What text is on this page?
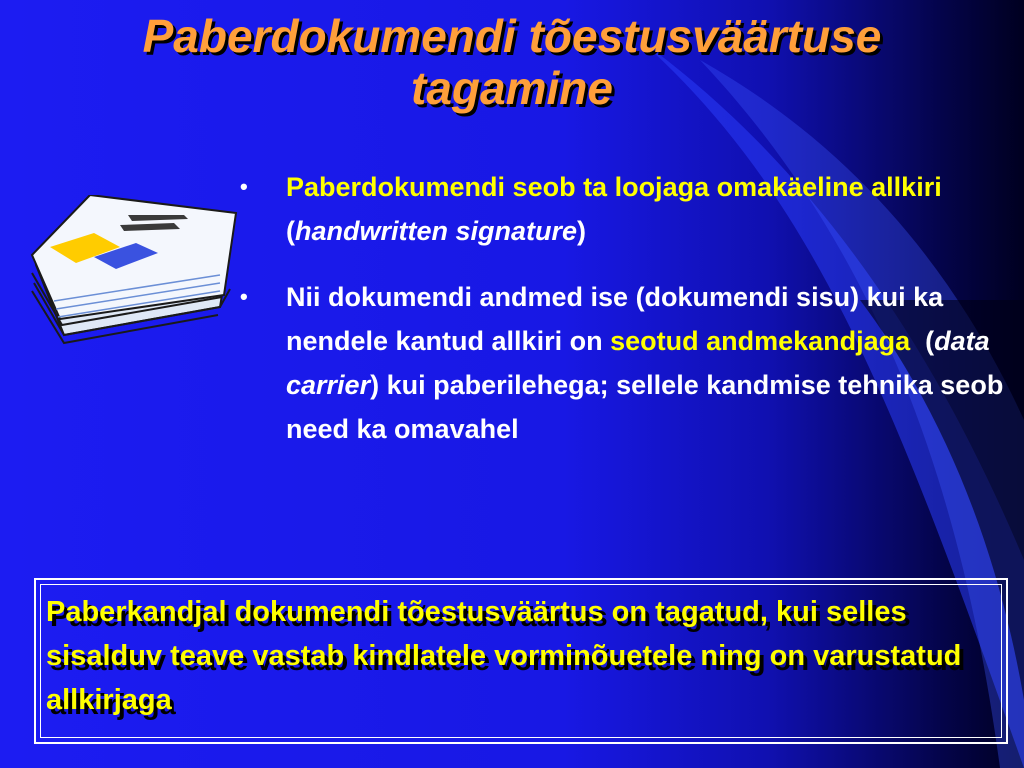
Paberdokumendi tõestusväärtuse
tagamine
• Paberdokumendi seob ta loojaga omakäeline allkiri (handwritten signature)
• Nii dokumendi andmed ise (dokumendi sisu) kui ka nendele kantud allkiri on seotud andmekandjaga  (data carrier) kui paberilehega; sellele kandmise tehnika seob need ka omavahel

Paberkandjal dokumendi tõestusväärtus on tagatud, kui selles sisalduv teave vastab kindlatele vorminõuetele ning on varustatud allkirjaga
